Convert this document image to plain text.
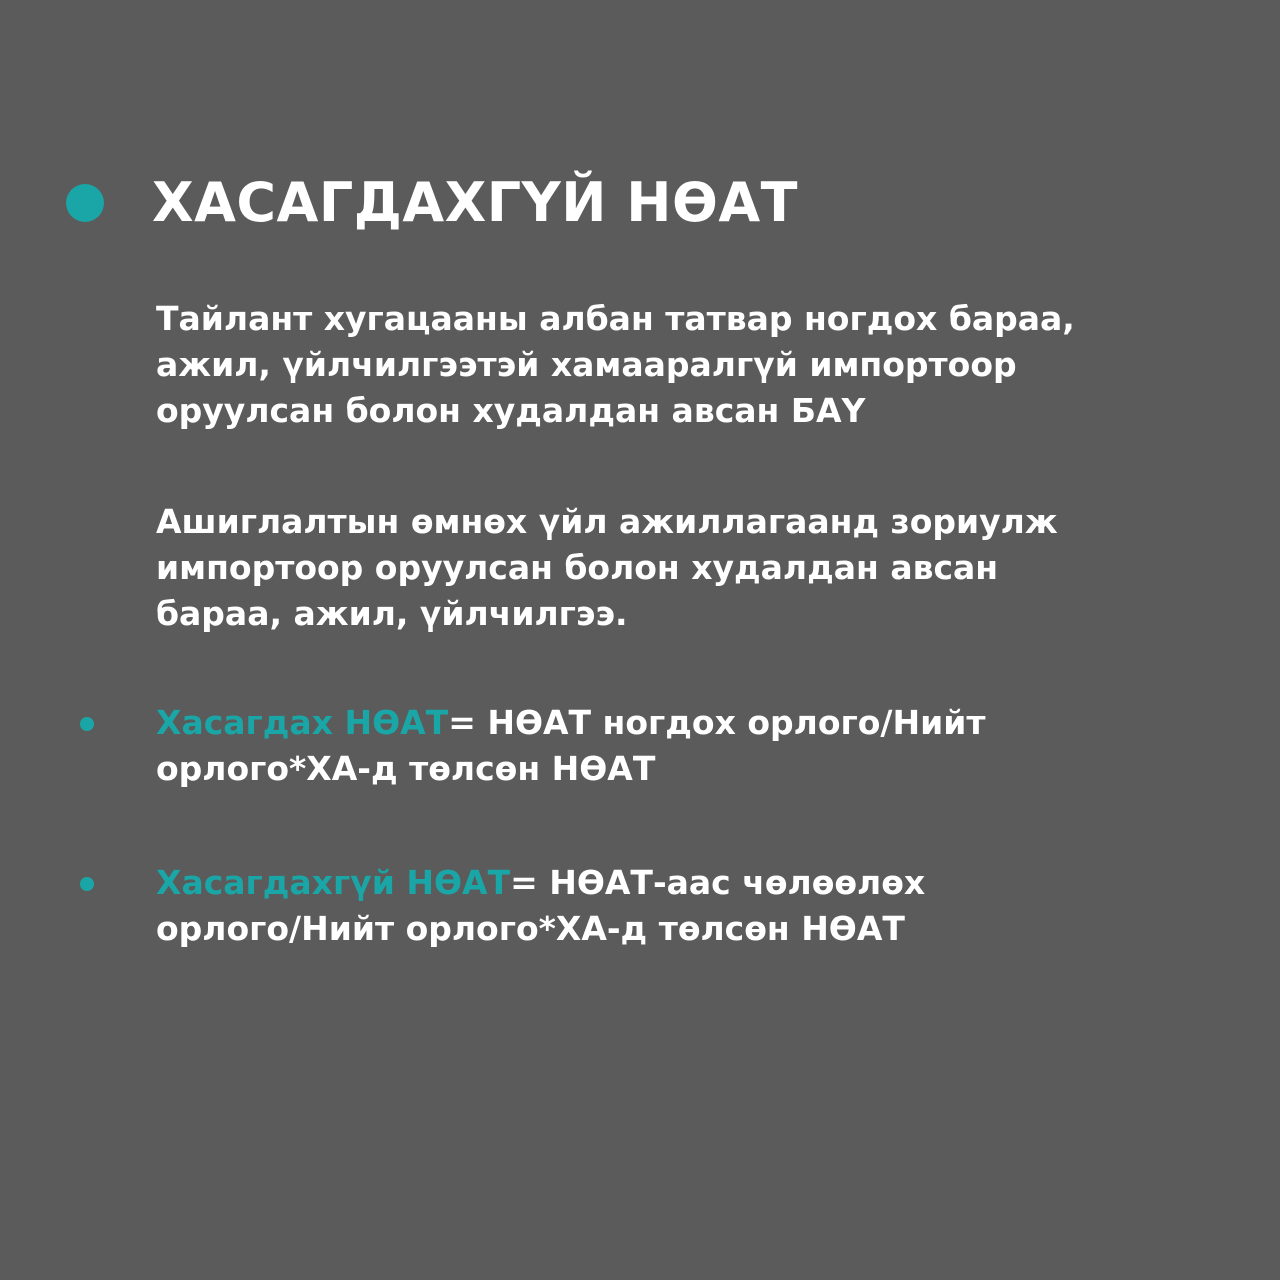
ХАСАГДАХГҮЙ НӨАТ

Тайлант хугацааны албан татвар ногдох бараа,
ажил, үйлчилгээтэй хамааралгүй импортоор
оруулсан болон худалдан авсан БАҮ

Ашиглалтын өмнөх үйл ажиллагаанд зориулж
импортоор оруулсан болон худалдан авсан
бараа, ажил, үйлчилгээ.

Хасагдах НӨАТ= НӨАТ ногдох орлого/Нийт
орлого*ХА-д төлсөн НӨАТ

Хасагдахгүй НӨАТ= НӨАТ-аас чөлөөлөх
орлого/Нийт орлого*ХА-д төлсөн НӨАТ
